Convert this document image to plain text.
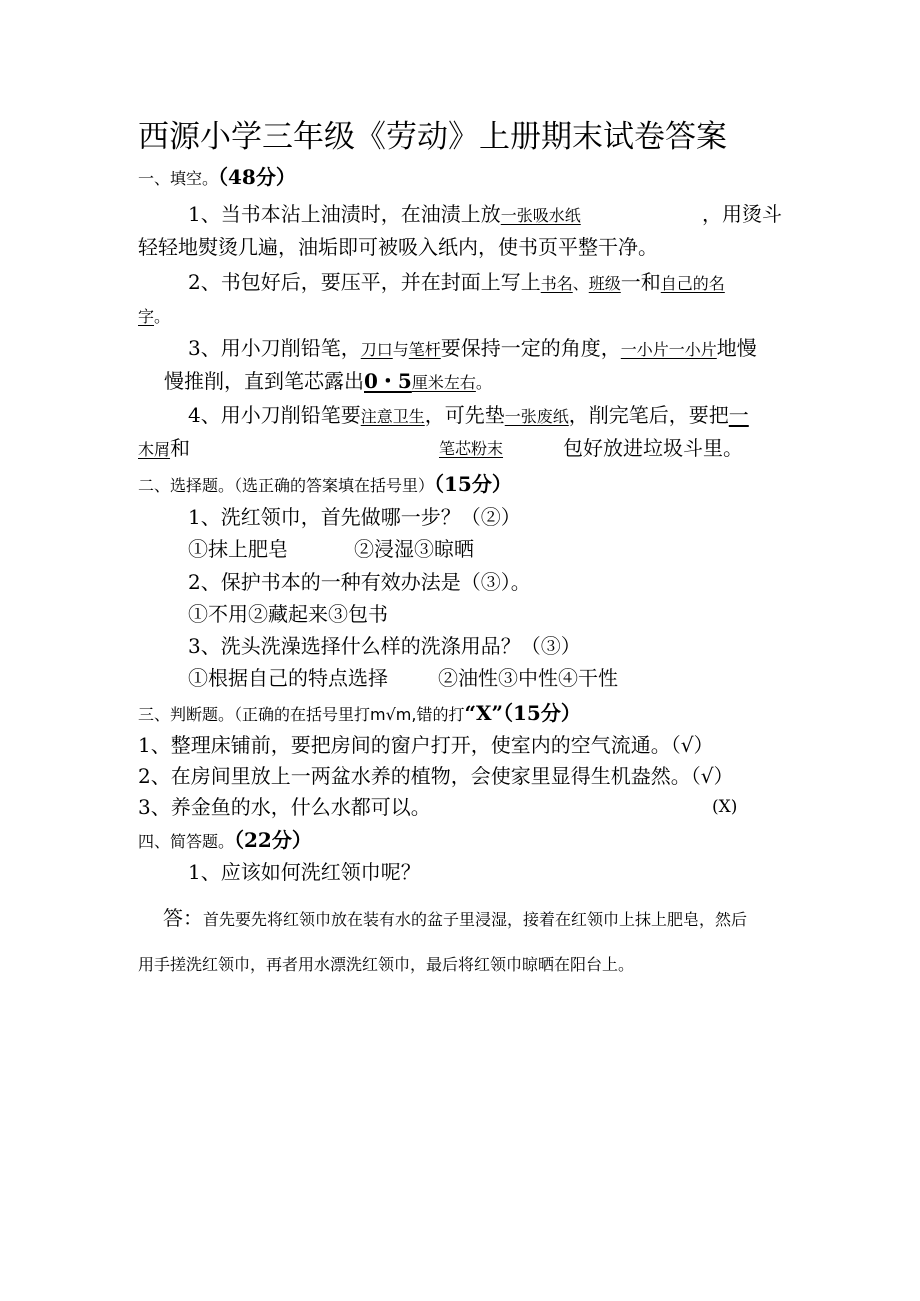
西源小学三年级《劳动》上册期末试卷答案
一、填空。（48分）
1、当书本沾上油渍时，在油渍上放一张吸水纸	，用烫斗
轻轻地熨烫几遍，油垢即可被吸入纸内，使书页平整干净。
2、书包好后，要压平，并在封面上写上书名、班级一和自己的名
字。
3、用小刀削铅笔，刀口与笔杆要保持一定的角度，一小片一小片地慢
慢推削，直到笔芯露出0・5厘米左右。
4、用小刀削铅笔要注意卫生，可先垫一张废纸，削完笔后，要把一
木屑和	笔芯粉末	包好放进垃圾斗里。
二、选择题。（选正确的答案填在括号里）（15分）
1、洗红领巾，首先做哪一步？（②）
①抹上肥皂	②浸湿③晾晒
2、保护书本的一种有效办法是（③）。
①不用②藏起来③包书
3、洗头洗澡选择什么样的洗涤用品？（③）
①根据自己的特点选择	②油性③中性④干性
三、判断题。（正确的在括号里打m√m,错的打“X”（15分）
1、整理床铺前，要把房间的窗户打开，使室内的空气流通。（√）
2、在房间里放上一两盆水养的植物，会使家里显得生机盎然。（√）
3、养金鱼的水，什么水都可以。	(X)
四、简答题。（22分）
1、应该如何洗红领巾呢？
答：首先要先将红领巾放在装有水的盆子里浸湿，接着在红领巾上抹上肥皂，然后
用手搓洗红领巾，再者用水漂洗红领巾，最后将红领巾晾晒在阳台上。
